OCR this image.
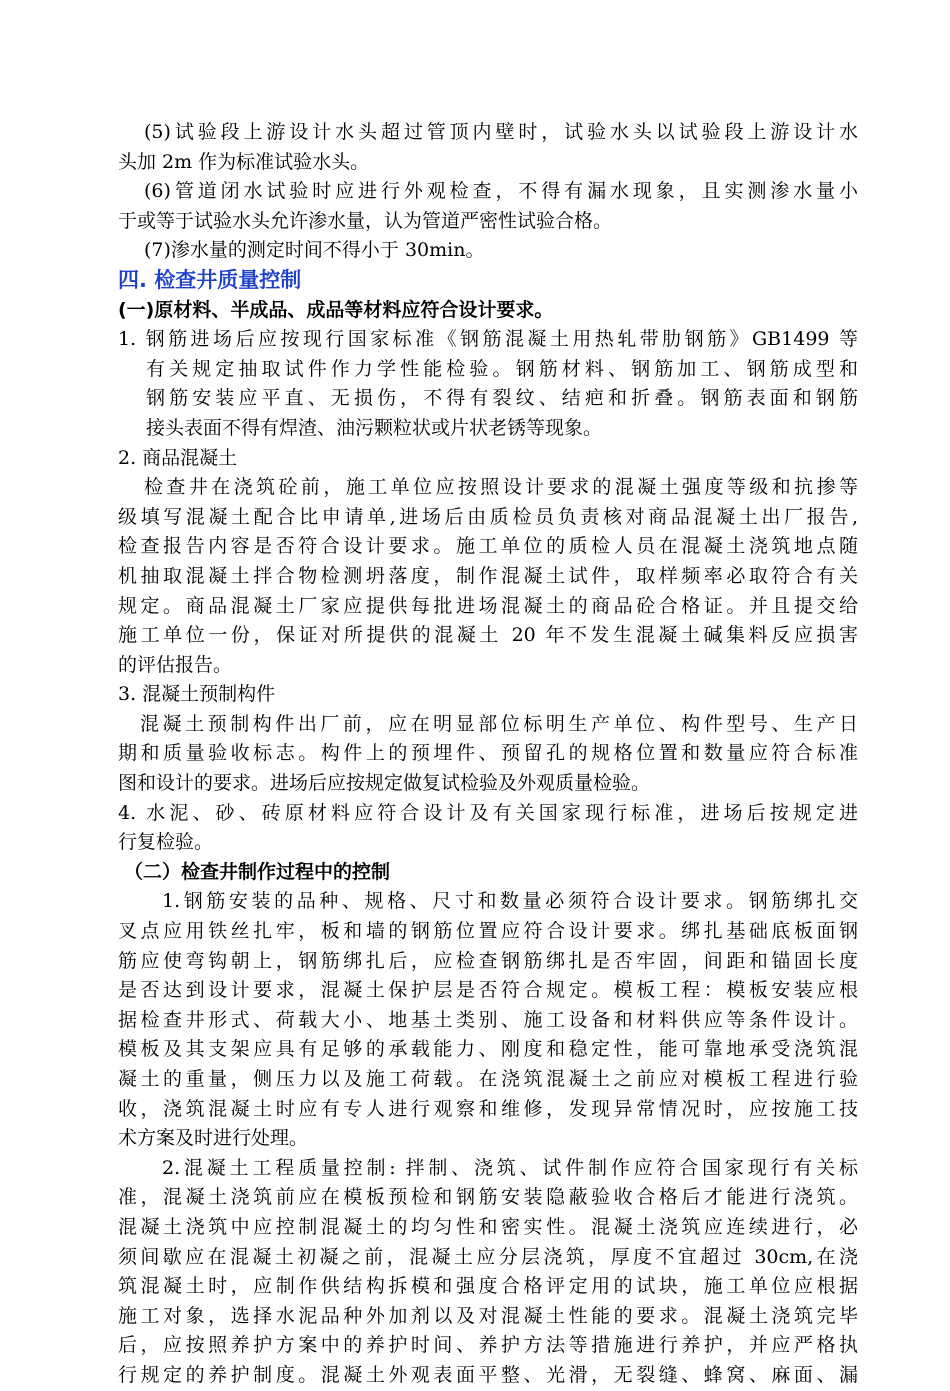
(5)试验段上游设计水头超过管顶内壁时，试验水头以试验段上游设计水
头加 2m 作为标准试验水头。
(6)管道闭水试验时应进行外观检查，不得有漏水现象，且实测渗水量小
于或等于试验水头允许渗水量，认为管道严密性试验合格。
(7)渗水量的测定时间不得小于 30min。
四. 检查井质量控制
(一)原材料、半成品、成品等材料应符合设计要求。
1. 钢筋进场后应按现行国家标准《钢筋混凝土用热轧带肋钢筋》GB1499 等
有关规定抽取试件作力学性能检验。钢筋材料、钢筋加工、钢筋成型和
钢筋安装应平直、无损伤，不得有裂纹、结疤和折叠。钢筋表面和钢筋
接头表面不得有焊渣、油污颗粒状或片状老锈等现象。
2. 商品混凝土
检查井在浇筑砼前，施工单位应按照设计要求的混凝土强度等级和抗掺等
级填写混凝土配合比申请单,进场后由质检员负责核对商品混凝土出厂报告,
检查报告内容是否符合设计要求。施工单位的质检人员在混凝土浇筑地点随
机抽取混凝土拌合物检测坍落度，制作混凝土试件，取样频率必取符合有关
规定。商品混凝土厂家应提供每批进场混凝土的商品砼合格证。并且提交给
施工单位一份，保证对所提供的混凝土 20 年不发生混凝土碱集料反应损害
的评估报告。
3. 混凝土预制构件
混凝土预制构件出厂前，应在明显部位标明生产单位、构件型号、生产日
期和质量验收标志。构件上的预埋件、预留孔的规格位置和数量应符合标准
图和设计的要求。进场后应按规定做复试检验及外观质量检验。
4. 水泥、砂、砖原材料应符合设计及有关国家现行标准，进场后按规定进
行复检验。
（二）检查井制作过程中的控制
1.钢筋安装的品种、规格、尺寸和数量必须符合设计要求。钢筋绑扎交
叉点应用铁丝扎牢，板和墙的钢筋位置应符合设计要求。绑扎基础底板面钢
筋应使弯钩朝上，钢筋绑扎后，应检查钢筋绑扎是否牢固，间距和锚固长度
是否达到设计要求，混凝土保护层是否符合规定。模板工程：模板安装应根
据检查井形式、荷载大小、地基土类别、施工设备和材料供应等条件设计。
模板及其支架应具有足够的承载能力、刚度和稳定性，能可靠地承受浇筑混
凝土的重量，侧压力以及施工荷载。在浇筑混凝土之前应对模板工程进行验
收，浇筑混凝土时应有专人进行观察和维修，发现异常情况时，应按施工技
术方案及时进行处理。
2.混凝土工程质量控制: 拌制、浇筑、试件制作应符合国家现行有关标
准，混凝土浇筑前应在模板预检和钢筋安装隐蔽验收合格后才能进行浇筑。
混凝土浇筑中应控制混凝土的均匀性和密实性。混凝土浇筑应连续进行，必
须间歇应在混凝土初凝之前，混凝土应分层浇筑，厚度不宜超过 30cm,在浇
筑混凝土时，应制作供结构拆模和强度合格评定用的试块，施工单位应根据
施工对象，选择水泥品种外加剂以及对混凝土性能的要求。混凝土浇筑完毕
后，应按照养护方案中的养护时间、养护方法等措施进行养护，并应严格执
行规定的养护制度。混凝土外观表面平整、光滑，无裂缝、蜂窝、麻面、漏
